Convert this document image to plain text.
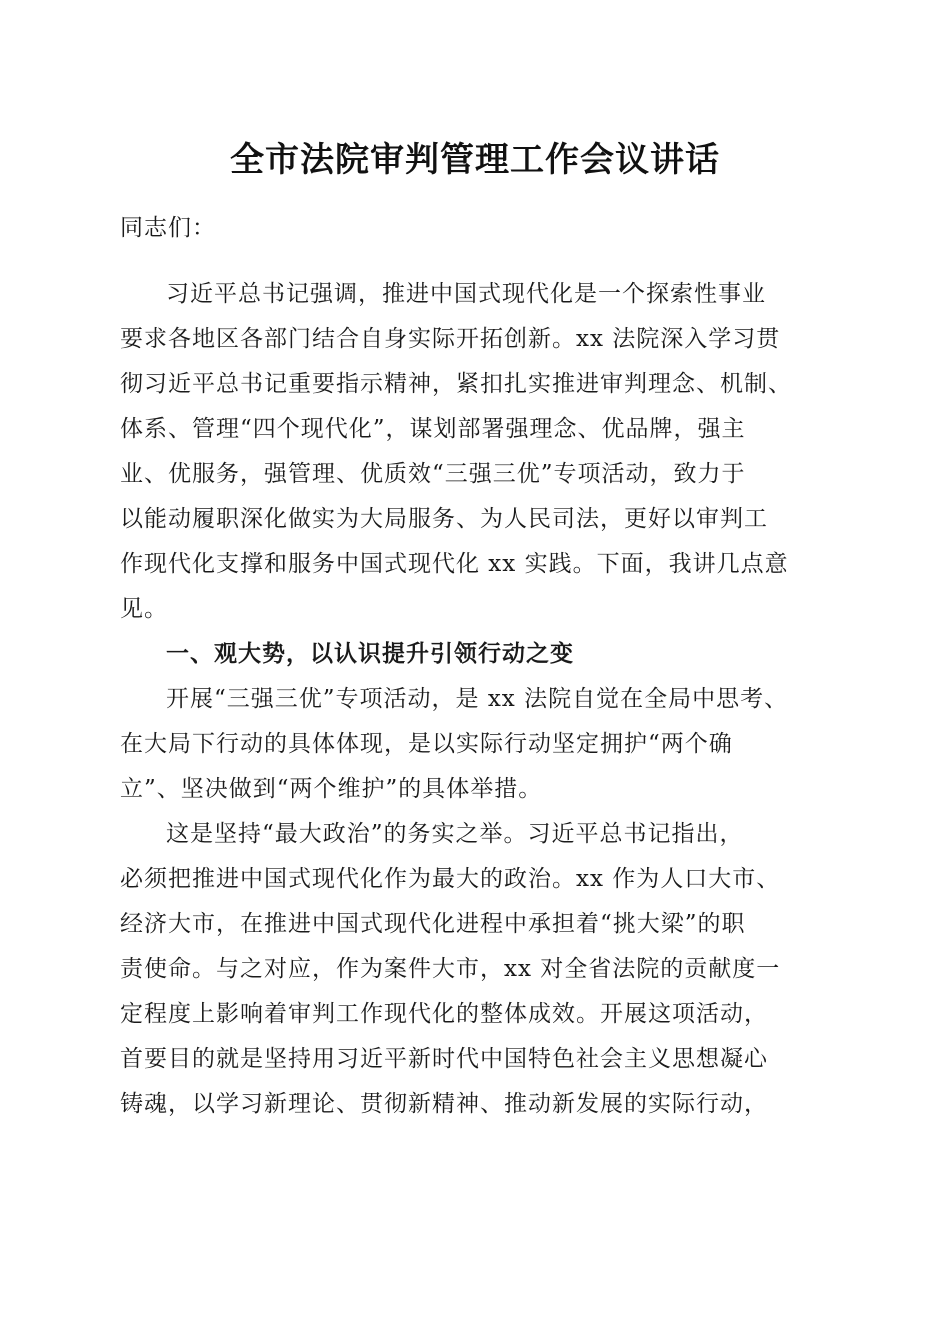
全市法院审判管理工作会议讲话
同志们：
习近平总书记强调，推进中国式现代化是一个探索性事业
要求各地区各部门结合自身实际开拓创新。xx 法院深入学习贯
彻习近平总书记重要指示精神，紧扣扎实推进审判理念、机制、
体系、管理“四个现代化”，谋划部署强理念、优品牌，强主
业、优服务，强管理、优质效“三强三优”专项活动，致力于
以能动履职深化做实为大局服务、为人民司法，更好以审判工
作现代化支撑和服务中国式现代化 xx 实践。下面，我讲几点意
见。
一、观大势，以认识提升引领行动之变
开展“三强三优”专项活动，是 xx 法院自觉在全局中思考、
在大局下行动的具体体现，是以实际行动坚定拥护“两个确
立”、坚决做到“两个维护”的具体举措。
这是坚持“最大政治”的务实之举。习近平总书记指出，
必须把推进中国式现代化作为最大的政治。xx 作为人口大市、
经济大市，在推进中国式现代化进程中承担着“挑大梁”的职
责使命。与之对应，作为案件大市，xx 对全省法院的贡献度一
定程度上影响着审判工作现代化的整体成效。开展这项活动，
首要目的就是坚持用习近平新时代中国特色社会主义思想凝心
铸魂，以学习新理论、贯彻新精神、推动新发展的实际行动，
